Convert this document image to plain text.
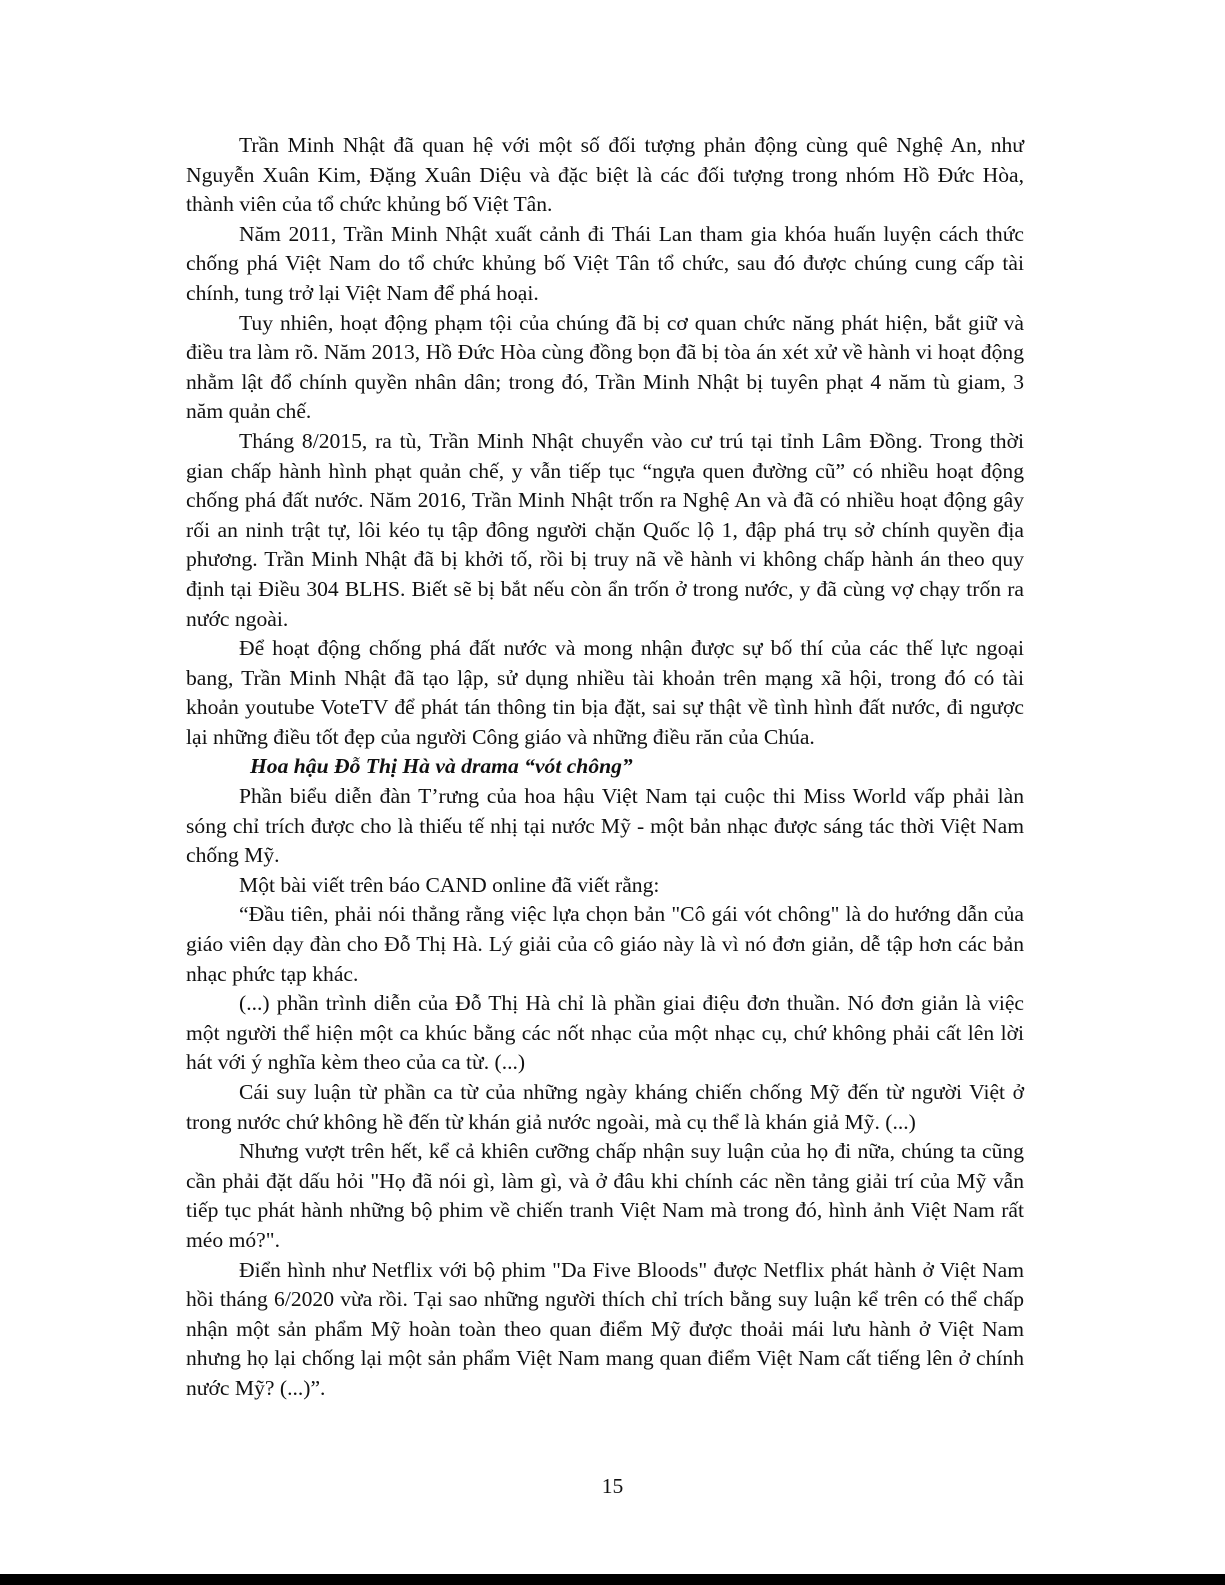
Trần Minh Nhật đã quan hệ với một số đối tượng phản động cùng quê Nghệ An, như Nguyễn Xuân Kim, Đặng Xuân Diệu và đặc biệt là các đối tượng trong nhóm Hồ Đức Hòa, thành viên của tổ chức khủng bố Việt Tân.

Năm 2011, Trần Minh Nhật xuất cảnh đi Thái Lan tham gia khóa huấn luyện cách thức chống phá Việt Nam do tổ chức khủng bố Việt Tân tổ chức, sau đó được chúng cung cấp tài chính, tung trở lại Việt Nam để phá hoại.

Tuy nhiên, hoạt động phạm tội của chúng đã bị cơ quan chức năng phát hiện, bắt giữ và điều tra làm rõ. Năm 2013, Hồ Đức Hòa cùng đồng bọn đã bị tòa án xét xử về hành vi hoạt động nhằm lật đổ chính quyền nhân dân; trong đó, Trần Minh Nhật bị tuyên phạt 4 năm tù giam, 3 năm quản chế.

Tháng 8/2015, ra tù, Trần Minh Nhật chuyển vào cư trú tại tỉnh Lâm Đồng. Trong thời gian chấp hành hình phạt quản chế, y vẫn tiếp tục “ngựa quen đường cũ” có nhiều hoạt động chống phá đất nước. Năm 2016, Trần Minh Nhật trốn ra Nghệ An và đã có nhiều hoạt động gây rối an ninh trật tự, lôi kéo tụ tập đông người chặn Quốc lộ 1, đập phá trụ sở chính quyền địa phương. Trần Minh Nhật đã bị khởi tố, rồi bị truy nã về hành vi không chấp hành án theo quy định tại Điều 304 BLHS. Biết sẽ bị bắt nếu còn ẩn trốn ở trong nước, y đã cùng vợ chạy trốn ra nước ngoài.

Để hoạt động chống phá đất nước và mong nhận được sự bố thí của các thế lực ngoại bang, Trần Minh Nhật đã tạo lập, sử dụng nhiều tài khoản trên mạng xã hội, trong đó có tài khoản youtube VoteTV để phát tán thông tin bịa đặt, sai sự thật về tình hình đất nước, đi ngược lại những điều tốt đẹp của người Công giáo và những điều răn của Chúa.

Hoa hậu Đỗ Thị Hà và drama “vót chông”

Phần biểu diễn đàn T’rưng của hoa hậu Việt Nam tại cuộc thi Miss World vấp phải làn sóng chỉ trích được cho là thiếu tế nhị tại nước Mỹ - một bản nhạc được sáng tác thời Việt Nam chống Mỹ.

Một bài viết trên báo CAND online đã viết rằng:

“Đầu tiên, phải nói thẳng rằng việc lựa chọn bản "Cô gái vót chông" là do hướng dẫn của giáo viên dạy đàn cho Đỗ Thị Hà. Lý giải của cô giáo này là vì nó đơn giản, dễ tập hơn các bản nhạc phức tạp khác.

(...) phần trình diễn của Đỗ Thị Hà chỉ là phần giai điệu đơn thuần. Nó đơn giản là việc một người thể hiện một ca khúc bằng các nốt nhạc của một nhạc cụ, chứ không phải cất lên lời hát với ý nghĩa kèm theo của ca từ. (...)

Cái suy luận từ phần ca từ của những ngày kháng chiến chống Mỹ đến từ người Việt ở trong nước chứ không hề đến từ khán giả nước ngoài, mà cụ thể là khán giả Mỹ. (...)

Nhưng vượt trên hết, kể cả khiên cưỡng chấp nhận suy luận của họ đi nữa, chúng ta cũng cần phải đặt dấu hỏi "Họ đã nói gì, làm gì, và ở đâu khi chính các nền tảng giải trí của Mỹ vẫn tiếp tục phát hành những bộ phim về chiến tranh Việt Nam mà trong đó, hình ảnh Việt Nam rất méo mó?".

Điển hình như Netflix với bộ phim "Da Five Bloods" được Netflix phát hành ở Việt Nam hồi tháng 6/2020 vừa rồi. Tại sao những người thích chỉ trích bằng suy luận kể trên có thể chấp nhận một sản phẩm Mỹ hoàn toàn theo quan điểm Mỹ được thoải mái lưu hành ở Việt Nam nhưng họ lại chống lại một sản phẩm Việt Nam mang quan điểm Việt Nam cất tiếng lên ở chính nước Mỹ? (...)”.

15
